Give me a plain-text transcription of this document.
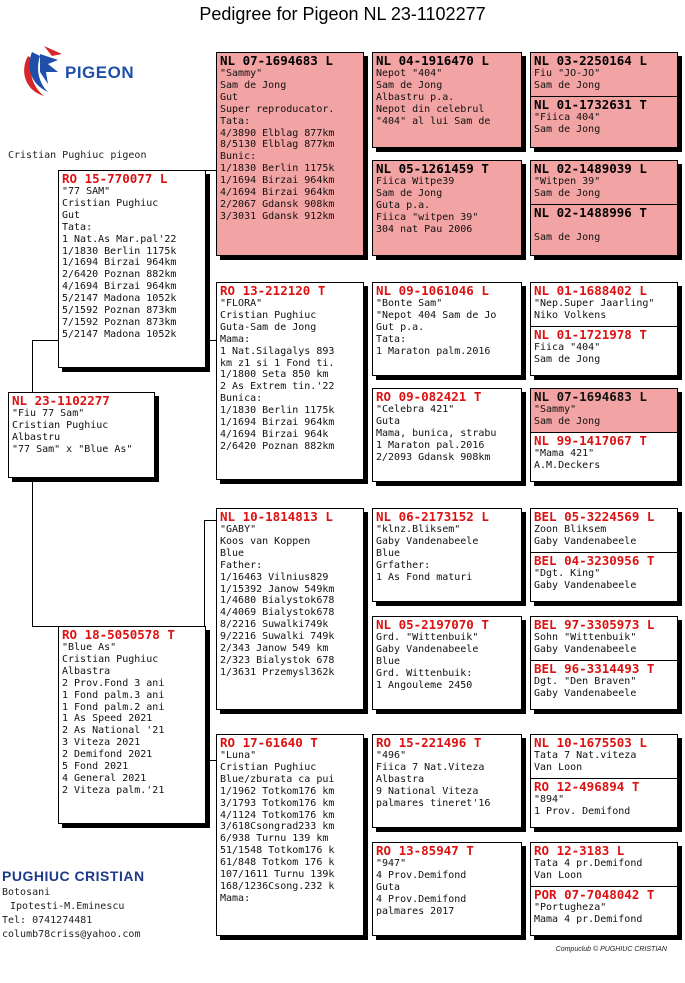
Pedigree for Pigeon NL 23-1102277
PIGEON
Cristian Pughiuc pigeon
NL 23-1102277
"Fiu 77 Sam"
Cristian Pughiuc
Albastru
"77 Sam" x "Blue As"
RO 15-770077 L
"77 SAM"
Cristian Pughiuc
Gut
Tata:
1 Nat.As Mar.pal'22
1/1830 Berlin 1175k
1/1694 Birzai 964km
2/6420 Poznan 882km
4/1694 Birzai 964km
5/2147 Madona 1052k
5/1592 Poznan 873km
7/1592 Poznan 873km
5/2147 Madona 1052k
RO 18-5050578 T
"Blue As"
Cristian Pughiuc
Albastra
2 Prov.Fond 3 ani
1 Fond palm.3 ani
1 Fond palm.2 ani
1 As Speed 2021
2 As National '21
3 Viteza 2021
2 Demifond 2021
5 Fond 2021
4 General 2021
2 Viteza palm.'21
NL 07-1694683 L
"Sammy"
Sam de Jong
Gut
Super reproducator.
Tata:
4/3890 Elblag 877km
8/5130 Elblag 877km
Bunic:
1/1830 Berlin 1175k
1/1694 Birzai 964km
4/1694 Birzai 964km
2/2067 Gdansk 908km
3/3031 Gdansk 912km
RO 13-212120 T
"FLORA"
Cristian Pughiuc
Guta-Sam de Jong
Mama:
1 Nat.Silagalys 893
km z1 si 1 Fond ti.
1/1800 Seta 850 km
2 As Extrem tin.'22
Bunica:
1/1830 Berlin 1175k
1/1694 Birzai 964km
4/1694 Birzai 964k
2/6420 Poznan 882km
NL 10-1814813 L
"GABY"
Koos van Koppen
Blue
Father:
1/16463 Vilnius829
1/15392 Janow 549km
1/4680 Bialystok678
4/4069 Bialystok678
8/2216 Suwalki749k
9/2216 Suwalki 749k
2/343 Janow 549 km
2/323 Bialystok 678
1/3631 Przemysl362k
RO 17-61640 T
"Luna"
Cristian Pughiuc
Blue/zburata ca pui
1/1962 Totkom176 km
3/1793 Totkom176 km
4/1124 Totkom176 km
3/618Csongrad233 km
6/938 Turnu 139 km
51/1548 Totkom176 k
61/848 Totkom 176 k
107/1611 Turnu 139k
168/1236Csong.232 k
Mama:
NL 04-1916470 L
Nepot "404"
Sam de Jong
Albastru p.a.
Nepot din celebrul
"404" al lui Sam de
NL 05-1261459 T
Fiica Witpe39
Sam de Jong
Guta p.a.
Fiica "witpen 39"
304 nat Pau 2006
NL 09-1061046 L
"Bonte Sam"
"Nepot 404 Sam de Jo
Gut p.a.
Tata:
1 Maraton palm.2016
RO 09-082421 T
"Celebra 421"
Guta
Mama, bunica, strabu
1 Maraton pal.2016
2/2093 Gdansk 908km
NL 06-2173152 L
"klnz.Bliksem"
Gaby Vandenabeele
Blue
Grfather:
1 As Fond maturi
NL 05-2197070 T
Grd. "Wittenbuik"
Gaby Vandenabeele
Blue
Grd. Wittenbuik:
1 Angouleme 2450
RO 15-221496 T
"496"
Fiica 7 Nat.Viteza
Albastra
9 National Viteza
palmares tineret'16
RO 13-85947 T
"947"
4 Prov.Demifond
Guta
4 Prov.Demifond
palmares 2017
NL 03-2250164 L
Fiu "JO-JO"
Sam de Jong
NL 01-1732631 T
"Fiica 404"
Sam de Jong
NL 02-1489039 L
"Witpen 39"
Sam de Jong
NL 02-1488996 T

Sam de Jong
NL 01-1688402 L
"Nep.Super Jaarling"
Niko Volkens
NL 01-1721978 T
Fiica "404"
Sam de Jong
NL 07-1694683 L
"Sammy"
Sam de Jong
NL 99-1417067 T
"Mama 421"
A.M.Deckers
BEL 05-3224569 L
Zoon Bliksem
Gaby Vandenabeele
BEL 04-3230956 T
"Dgt. King"
Gaby Vandenabeele
BEL 97-3305973 L
Sohn "Wittenbuik"
Gaby Vandenabeele
BEL 96-3314493 T
Dgt. "Den Braven"
Gaby Vandenabeele
NL 10-1675503 L
Tata 7 Nat.viteza
Van Loon
RO 12-496894 T
"894"
1 Prov. Demifond
RO 12-3183 L
Tata 4 pr.Demifond
Van Loon
POR 07-7048042 T
"Portugheza"
Mama 4 pr.Demifond
PUGHIUC CRISTIAN
Botosani
Ipotesti-M.Eminescu
Tel: 0741274481
columb78criss@yahoo.com
Compuclub © PUGHIUC CRISTIAN
